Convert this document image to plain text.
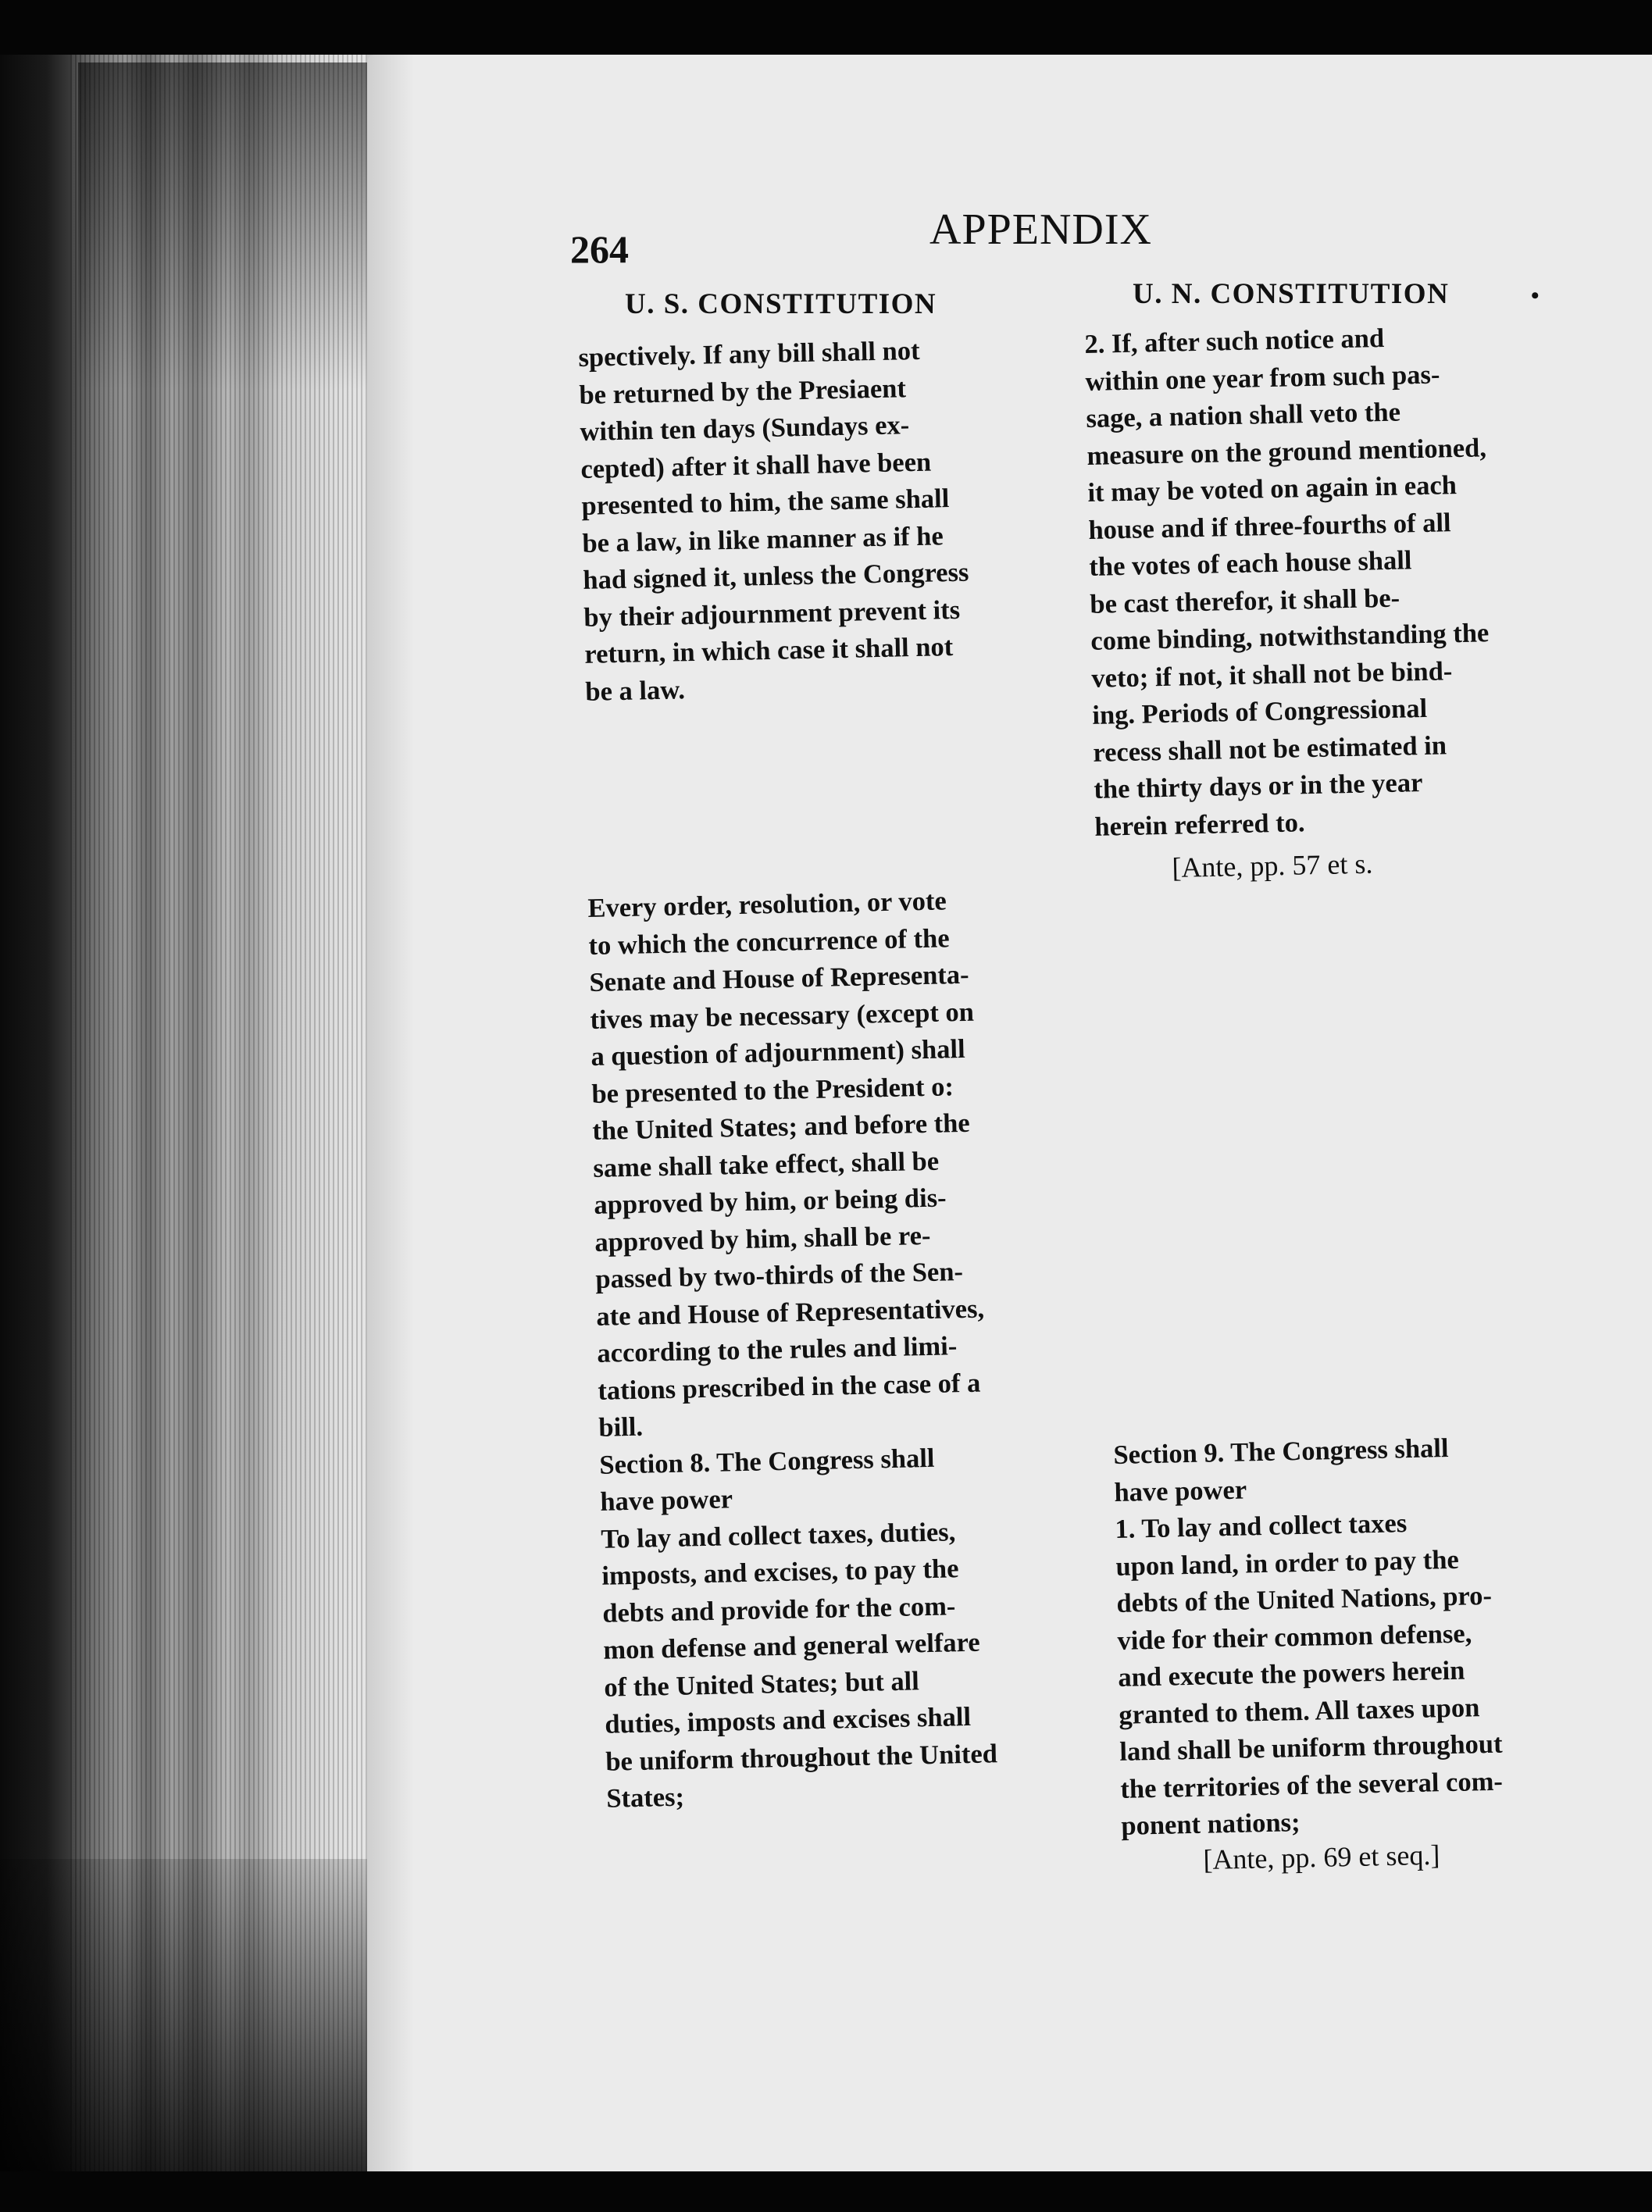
264	APPENDIX

U. S. CONSTITUTION	U. N. CONSTITUTION	•

spectively. If any bill shall not
be returned by the Presiaent
within ten days (Sundays ex-
cepted) after it shall have been
presented to him, the same shall
be a law, in like manner as if he
had signed it, unless the Congress
by their adjournment prevent its
return, in which case it shall not
be a law.

Every order, resolution, or vote
to which the concurrence of the
Senate and House of Representa-
tives may be necessary (except on
a question of adjournment) shall
be presented to the President o:
the United States; and before the
same shall take effect, shall be
approved by him, or being dis-
approved by him, shall be re-
passed by two-thirds of the Sen-
ate and House of Representatives,
according to the rules and limi-
tations prescribed in the case of a
bill.
Section 8. The Congress shall
have power
To lay and collect taxes, duties,
imposts, and excises, to pay the
debts and provide for the com-
mon defense and general welfare
of the United States; but all
duties, imposts and excises shall
be uniform throughout the United
States;

2. If, after such notice and
within one year from such pas-
sage, a nation shall veto the
measure on the ground mentioned,
it may be voted on again in each
house and if three-fourths of all
the votes of each house shall
be cast therefor, it shall be-
come binding, notwithstanding the
veto; if not, it shall not be bind-
ing. Periods of Congressional
recess shall not be estimated in
the thirty days or in the year
herein referred to.

[Ante, pp. 57 et s.

Section 9. The Congress shall
have power
1. To lay and collect taxes
upon land, in order to pay the
debts of the United Nations, pro-
vide for their common defense,
and execute the powers herein
granted to them. All taxes upon
land shall be uniform throughout
the territories of the several com-
ponent nations;

[Ante, pp. 69 et seq.]
